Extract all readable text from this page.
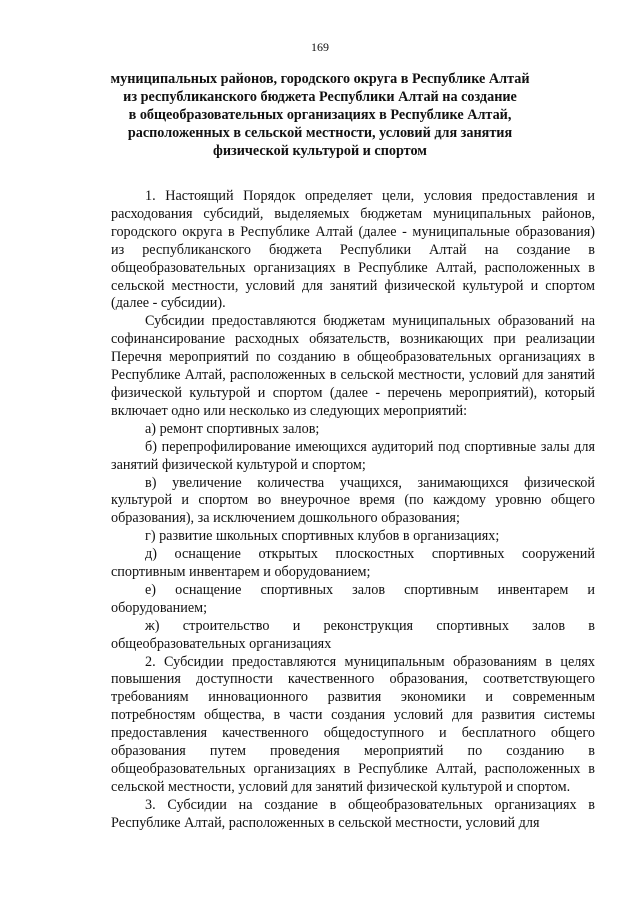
169
муниципальных районов, городского округа в Республике Алтай
из республиканского бюджета Республики Алтай на создание
в общеобразовательных организациях в Республике Алтай,
расположенных в сельской местности, условий для занятия
физической культурой и спортом

1. Настоящий Порядок определяет цели, условия предоставления и расходования субсидий, выделяемых бюджетам муниципальных районов, городского округа в Республике Алтай (далее - муниципальные образования) из республиканского бюджета Республики Алтай на создание в общеобразовательных организациях в Республике Алтай, расположенных в сельской местности, условий для занятий физической культурой и спортом (далее - субсидии).

Субсидии предоставляются бюджетам муниципальных образований на софинансирование расходных обязательств, возникающих при реализации Перечня мероприятий по созданию в общеобразовательных организациях в Республике Алтай, расположенных в сельской местности, условий для занятий физической культурой и спортом (далее - перечень мероприятий), который включает одно или несколько из следующих мероприятий:

а) ремонт спортивных залов;

б) перепрофилирование имеющихся аудиторий под спортивные залы для занятий физической культурой и спортом;

в) увеличение количества учащихся, занимающихся физической культурой и спортом во внеурочное время (по каждому уровню общего образования), за исключением дошкольного образования;

г) развитие школьных спортивных клубов в организациях;

д) оснащение открытых плоскостных спортивных сооружений спортивным инвентарем и оборудованием;

е) оснащение спортивных залов спортивным инвентарем и оборудованием;

ж) строительство и реконструкция спортивных залов в общеобразовательных организациях

2. Субсидии предоставляются муниципальным образованиям в целях повышения доступности качественного образования, соответствующего требованиям инновационного развития экономики и современным потребностям общества, в части создания условий для развития системы предоставления качественного общедоступного и бесплатного общего образования путем проведения мероприятий по созданию в общеобразовательных организациях в Республике Алтай, расположенных в сельской местности, условий для занятий физической культурой и спортом.

3. Субсидии на создание в общеобразовательных организациях в Республике Алтай, расположенных в сельской местности, условий для
